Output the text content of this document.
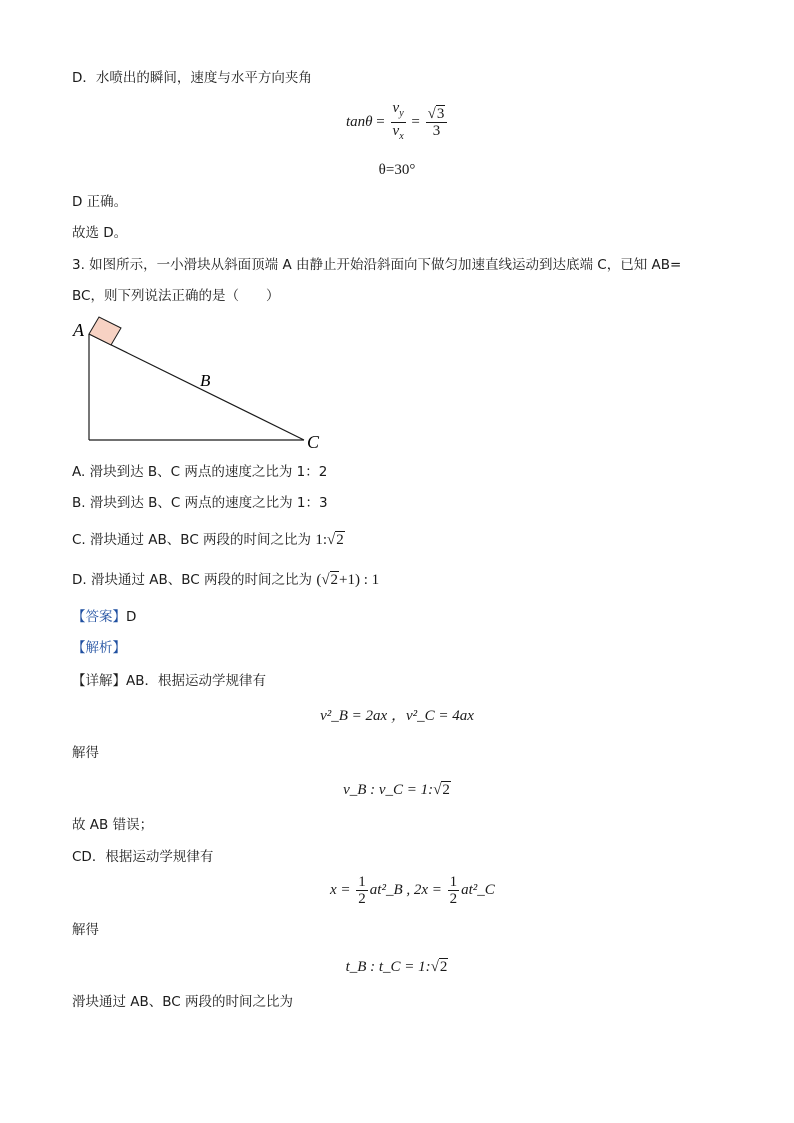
D．水喷出的瞬间，速度与水平方向夹角
$\tan\theta = \frac{v_y}{v_x} = \frac{√3}{3}$
θ=30°
D 正确。
故选 D。
3. 如图所示，一小滑块从斜面顶端 A 由静止开始沿斜面向下做匀加速直线运动到达底端 C，已知 AB=
BC，则下列说法正确的是（　　）
A
B
C
A. 滑块到达 B、C 两点的速度之比为 1：2
B. 滑块到达 B、C 两点的速度之比为 1：3
C. 滑块通过 AB、BC 两段的时间之比为 1:√2
D. 滑块通过 AB、BC 两段的时间之比为 (√2+1) : 1
【答案】D
【解析】
【详解】AB．根据运动学规律有
v²_B = 2ax ，v²_C = 4ax
解得
v_B : v_C = 1:√2
故 AB 错误；
CD．根据运动学规律有
$x = \frac{1}{2}$ at²_B , $2x = \frac{1}{2}$ at²_C
解得
t_B : t_C = 1:√2
滑块通过 AB、BC 两段的时间之比为
